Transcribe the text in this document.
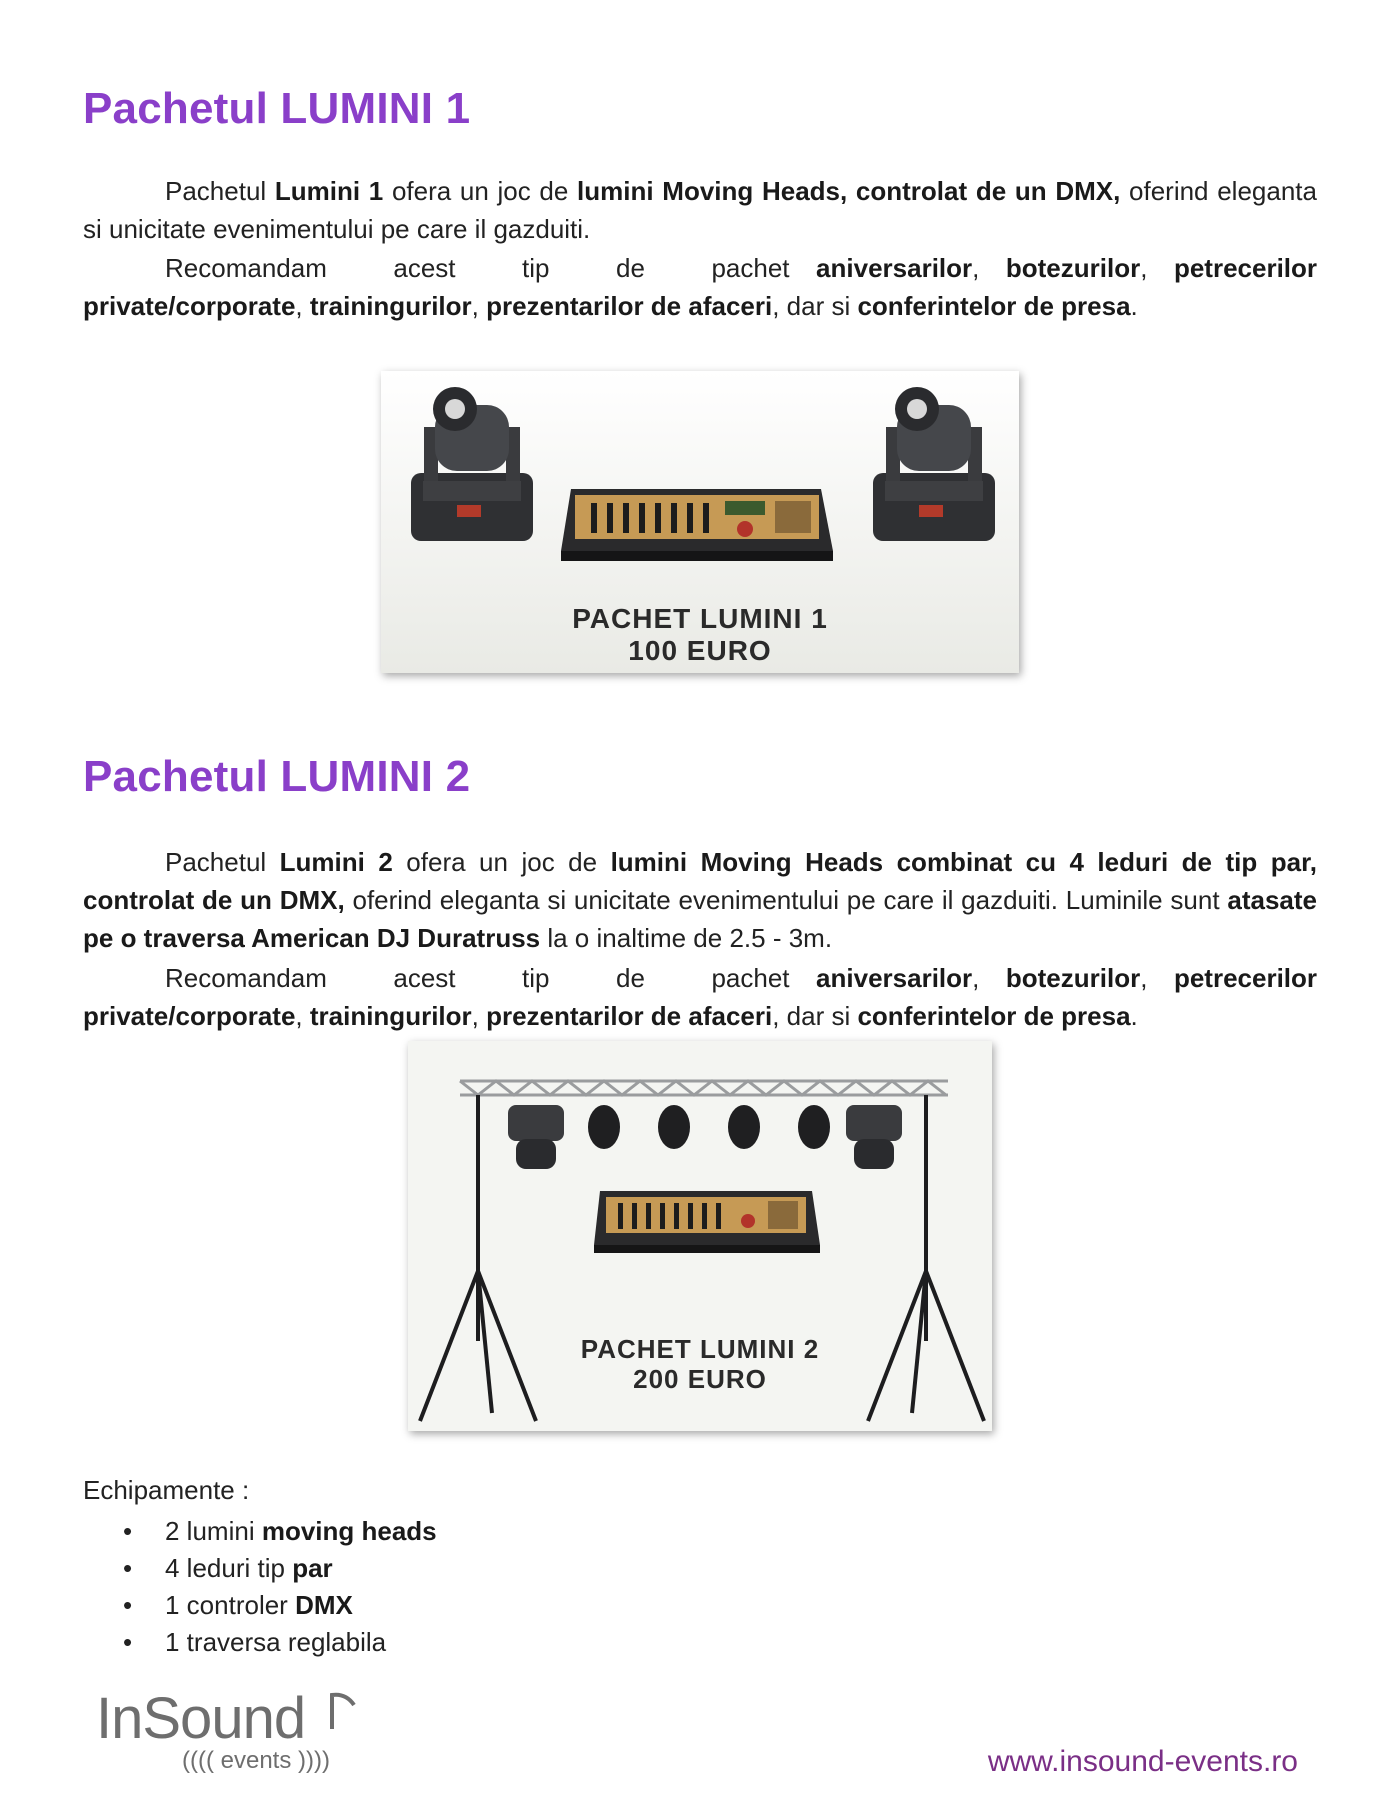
Pachetul LUMINI 1

Pachetul Lumini 1 ofera un joc de lumini Moving Heads, controlat de un DMX, oferind eleganta si unicitate evenimentului pe care il gazduiti.

Recomandam	acest	tip	de	pachet aniversarilor, botezurilor, petrecerilor private/corporate, trainingurilor, prezentarilor de afaceri, dar si conferintelor de presa.

PACHET LUMINI 1
100 EURO
Pachetul LUMINI 2

Pachetul Lumini 2 ofera un joc de lumini Moving Heads combinat cu 4 leduri de tip par, controlat de un DMX, oferind eleganta si unicitate evenimentului pe care il gazduiti. Luminile sunt atasate pe o traversa American DJ Duratruss la o inaltime de 2.5 - 3m.

Recomandam	acest	tip	de	pachet aniversarilor, botezurilor, petrecerilor private/corporate, trainingurilor, prezentarilor de afaceri, dar si conferintelor de presa.

PACHET LUMINI 2
200 EURO

Echipamente :

• 2 lumini moving heads
• 4 leduri tip par
• 1 controler DMX
• 1 traversa reglabila
InSound
(((( events ))))	www.insound-events.ro
